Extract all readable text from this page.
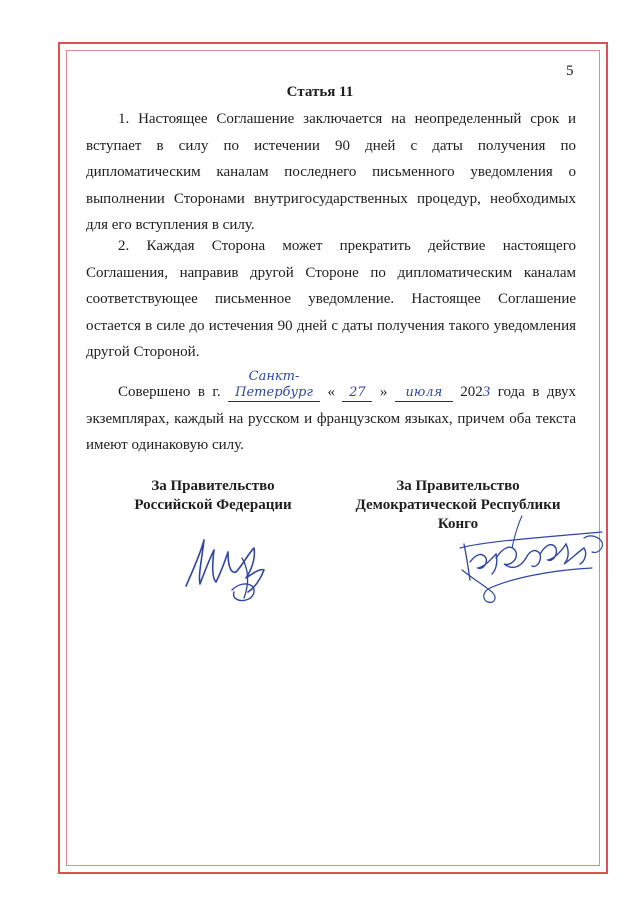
5
Статья 11

1. Настоящее Соглашение заключается на неопределенный срок и вступает в силу по истечении 90 дней с даты получения по дипломатическим каналам последнего письменного уведомления о выполнении Сторонами внутригосударственных процедур, необходимых для его вступления в силу.

2. Каждая Сторона может прекратить действие настоящего Соглашения, направив другой Стороне по дипломатическим каналам соответствующее письменное уведомление. Настоящее Соглашение остается в силе до истечения 90 дней с даты получения такого уведомления другой Стороной.

Совершено в г. Санкт-Петербург « 27 » июля 2023 года в двух экземплярах, каждый на русском и французском языках, причем оба текста имеют одинаковую силу.

За Правительство
Российской Федерации
За Правительство
Демократической Республики
Конго
